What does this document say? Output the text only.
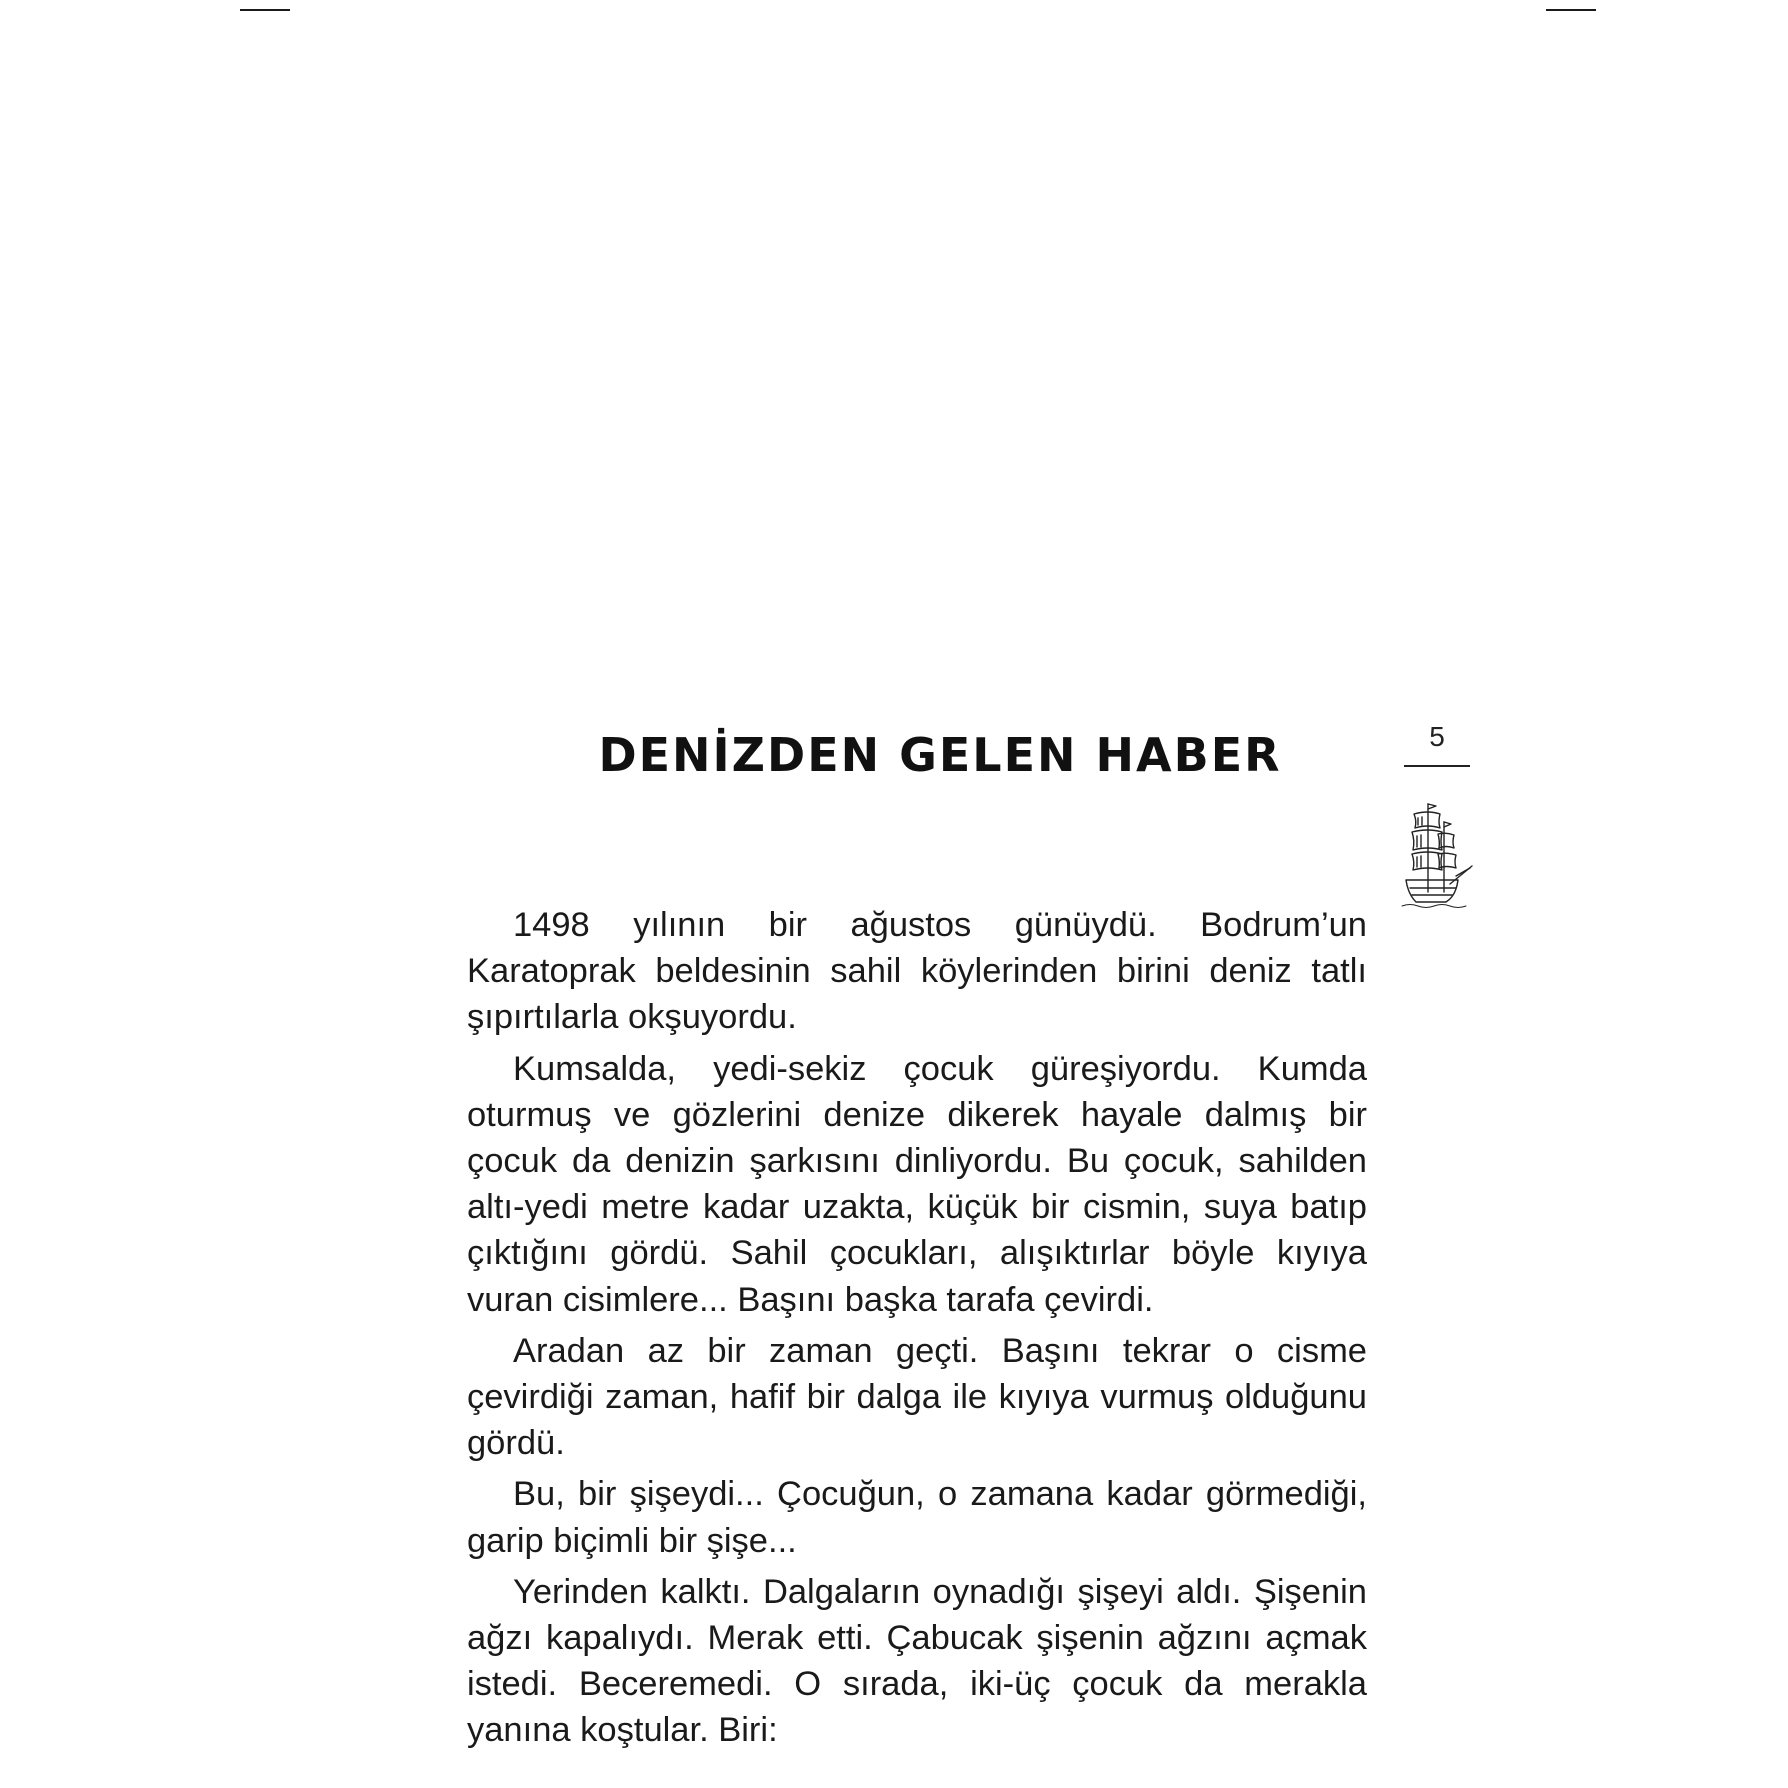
DENİZDEN GELEN HABER	5

1498 yılının bir ağustos günüydü. Bodrum’un Karatoprak beldesinin sahil köylerinden birini deniz tatlı şıpırtılarla okşuyordu.

Kumsalda, yedi-sekiz çocuk güreşiyordu. Kumda oturmuş ve gözlerini denize dikerek hayale dalmış bir çocuk da denizin şarkısını dinliyordu. Bu çocuk, sahilden altı-yedi metre kadar uzakta, küçük bir cismin, suya batıp çıktığını gördü. Sahil çocukları, alışıktırlar böyle kıyıya vuran cisimlere... Başını başka tarafa çevirdi.

Aradan az bir zaman geçti. Başını tekrar o cisme çevirdiği zaman, hafif bir dalga ile kıyıya vurmuş olduğunu gördü.

Bu, bir şişeydi... Çocuğun, o zamana kadar görmediği, garip biçimli bir şişe...

Yerinden kalktı. Dalgaların oynadığı şişeyi aldı. Şişenin ağzı kapalıydı. Merak etti. Çabucak şişenin ağzını açmak istedi. Beceremedi. O sırada, iki-üç çocuk da merakla yanına koştular. Biri:
